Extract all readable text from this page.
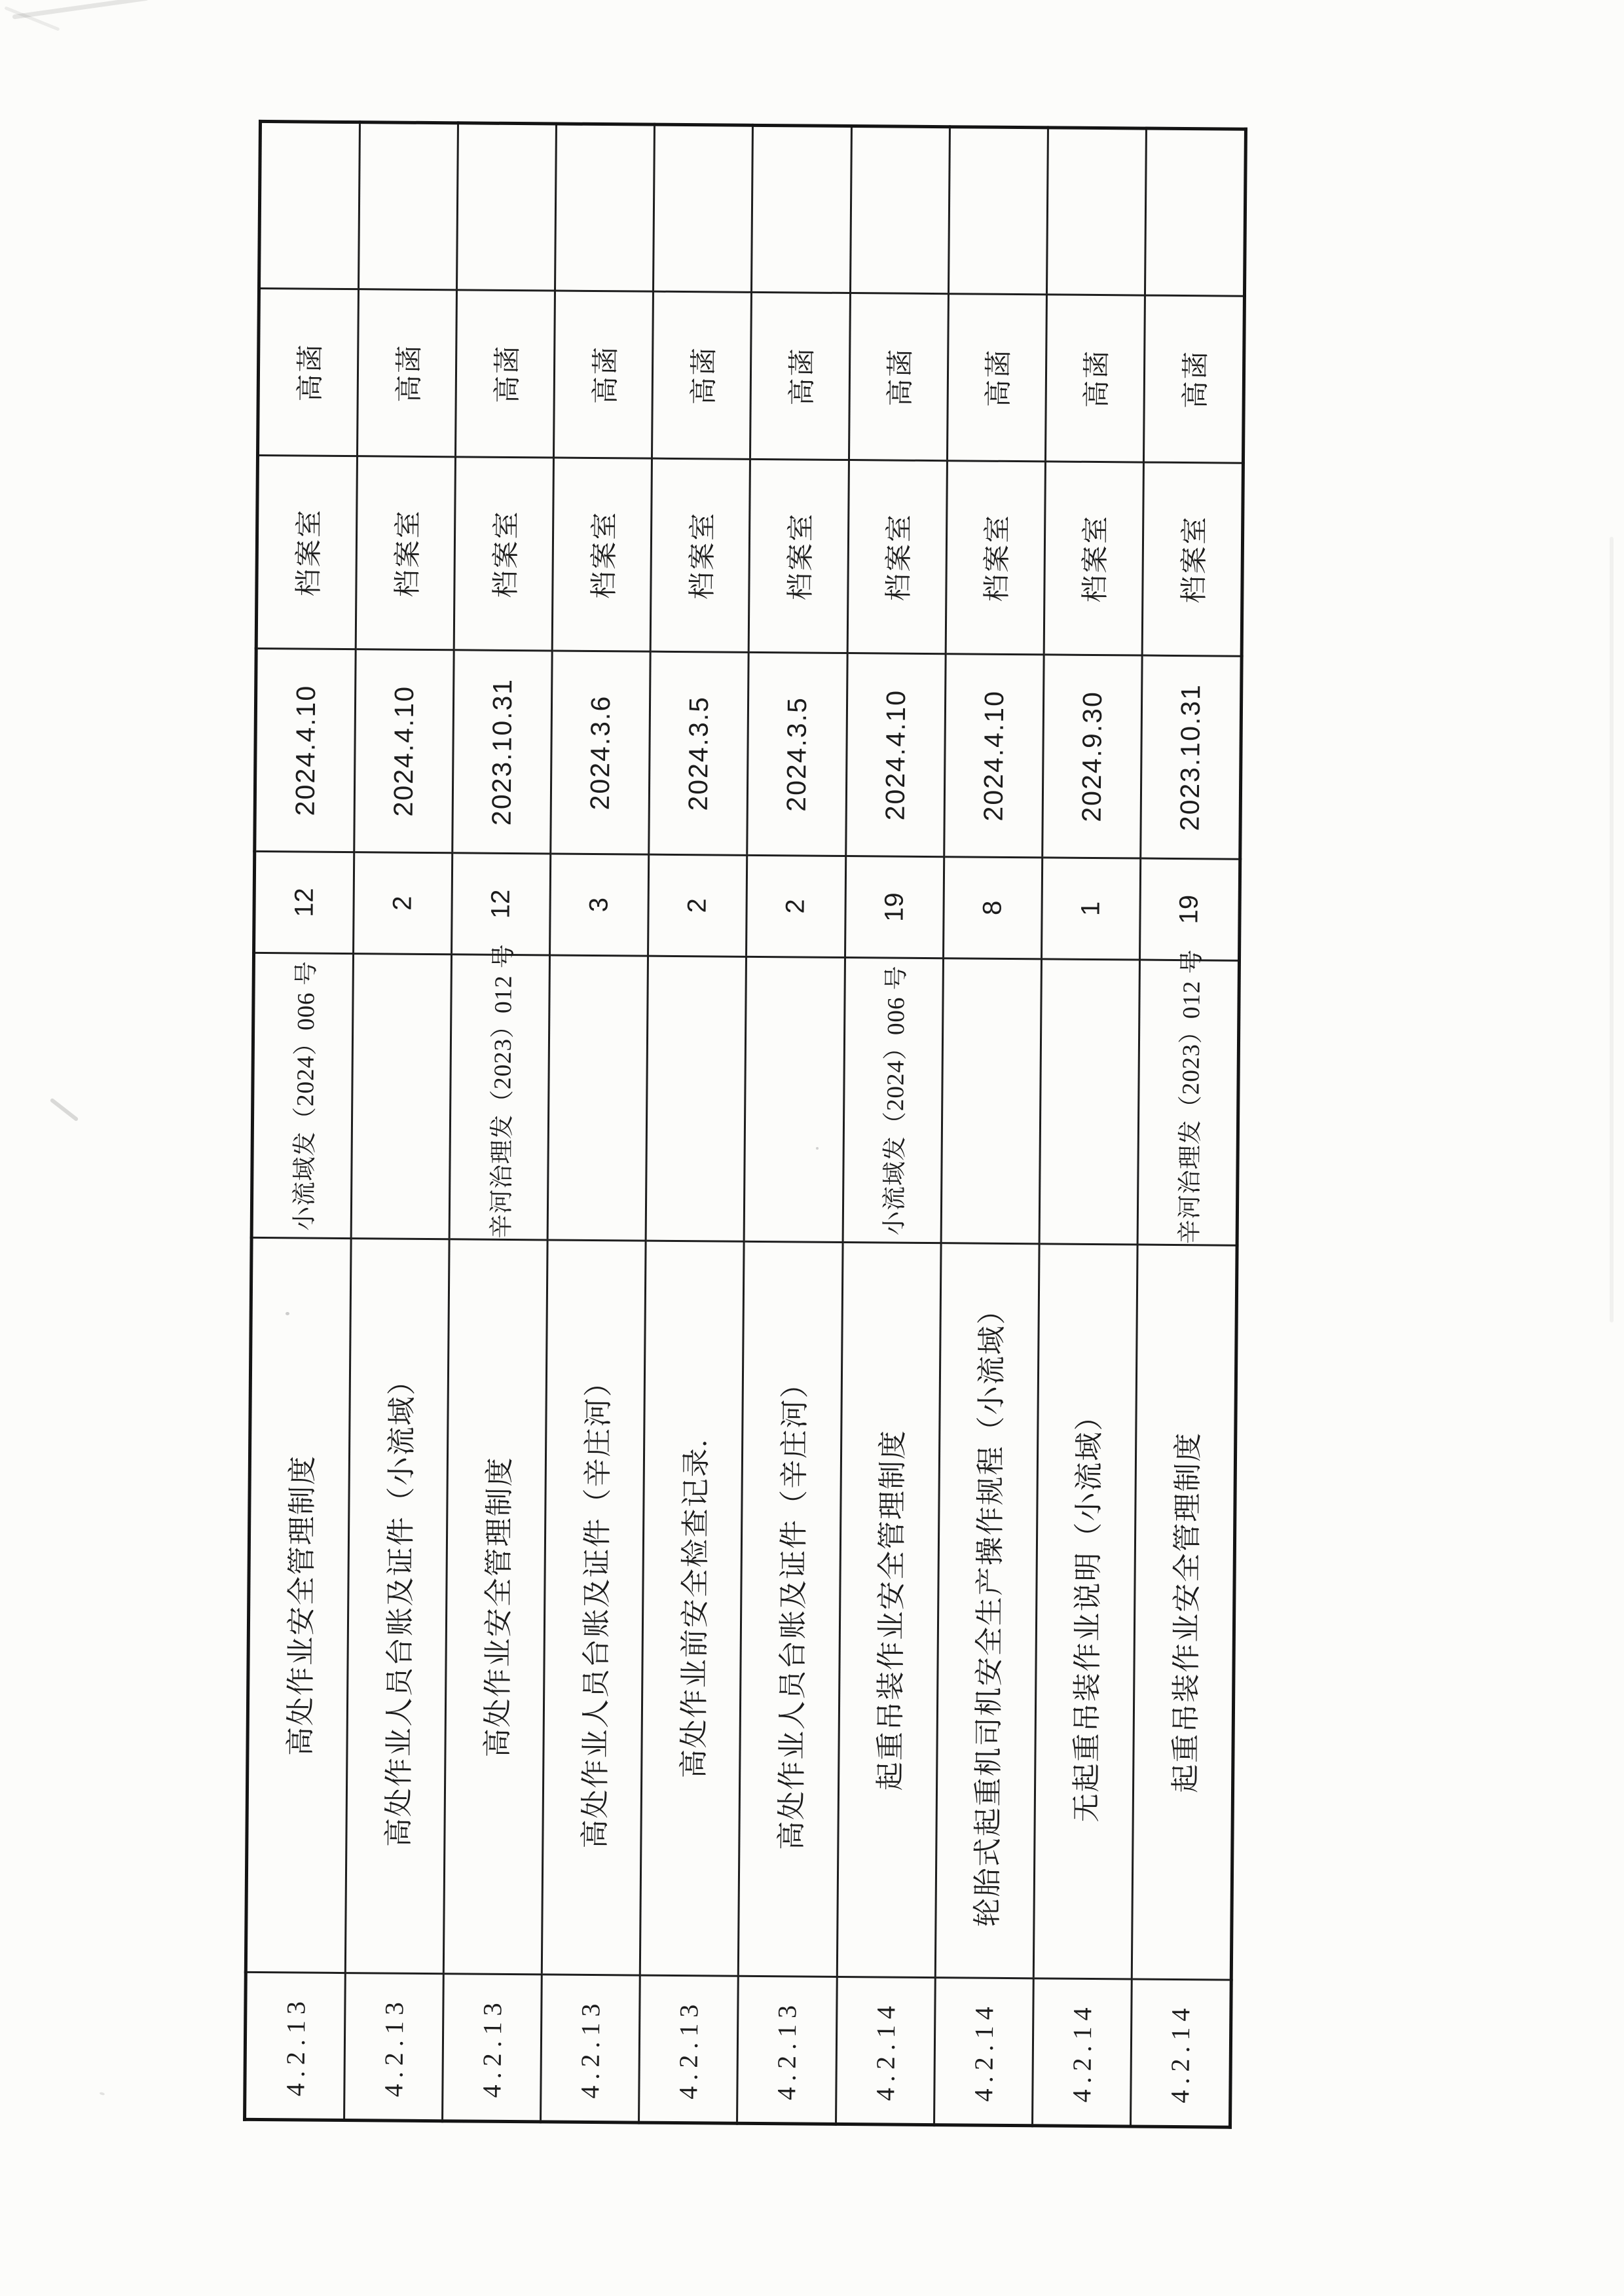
4.2.13	高处作业安全管理制度	小流域发（2024）006 号	12	2024.4.10	档案室	高菡	
4.2.13	高处作业人员台账及证件（小流域）		2	2024.4.10	档案室	高菡	
4.2.13	高处作业安全管理制度	辛河治理发（2023）012 号	12	2023.10.31	档案室	高菡	
4.2.13	高处作业人员台账及证件（辛庄河）		3	2024.3.6	档案室	高菡	
4.2.13	高处作业前安全检查记录.		2	2024.3.5	档案室	高菡	
4.2.13	高处作业人员台账及证件（辛庄河）		2	2024.3.5	档案室	高菡	
4.2.14	起重吊装作业安全管理制度	小流域发（2024）006 号	19	2024.4.10	档案室	高菡	
4.2.14	轮胎式起重机司机安全生产操作规程（小流域）		8	2024.4.10	档案室	高菡	
4.2.14	无起重吊装作业说明（小流域）		1	2024.9.30	档案室	高菡	
4.2.14	起重吊装作业安全管理制度	辛河治理发（2023）012 号	19	2023.10.31	档案室	高菡	
